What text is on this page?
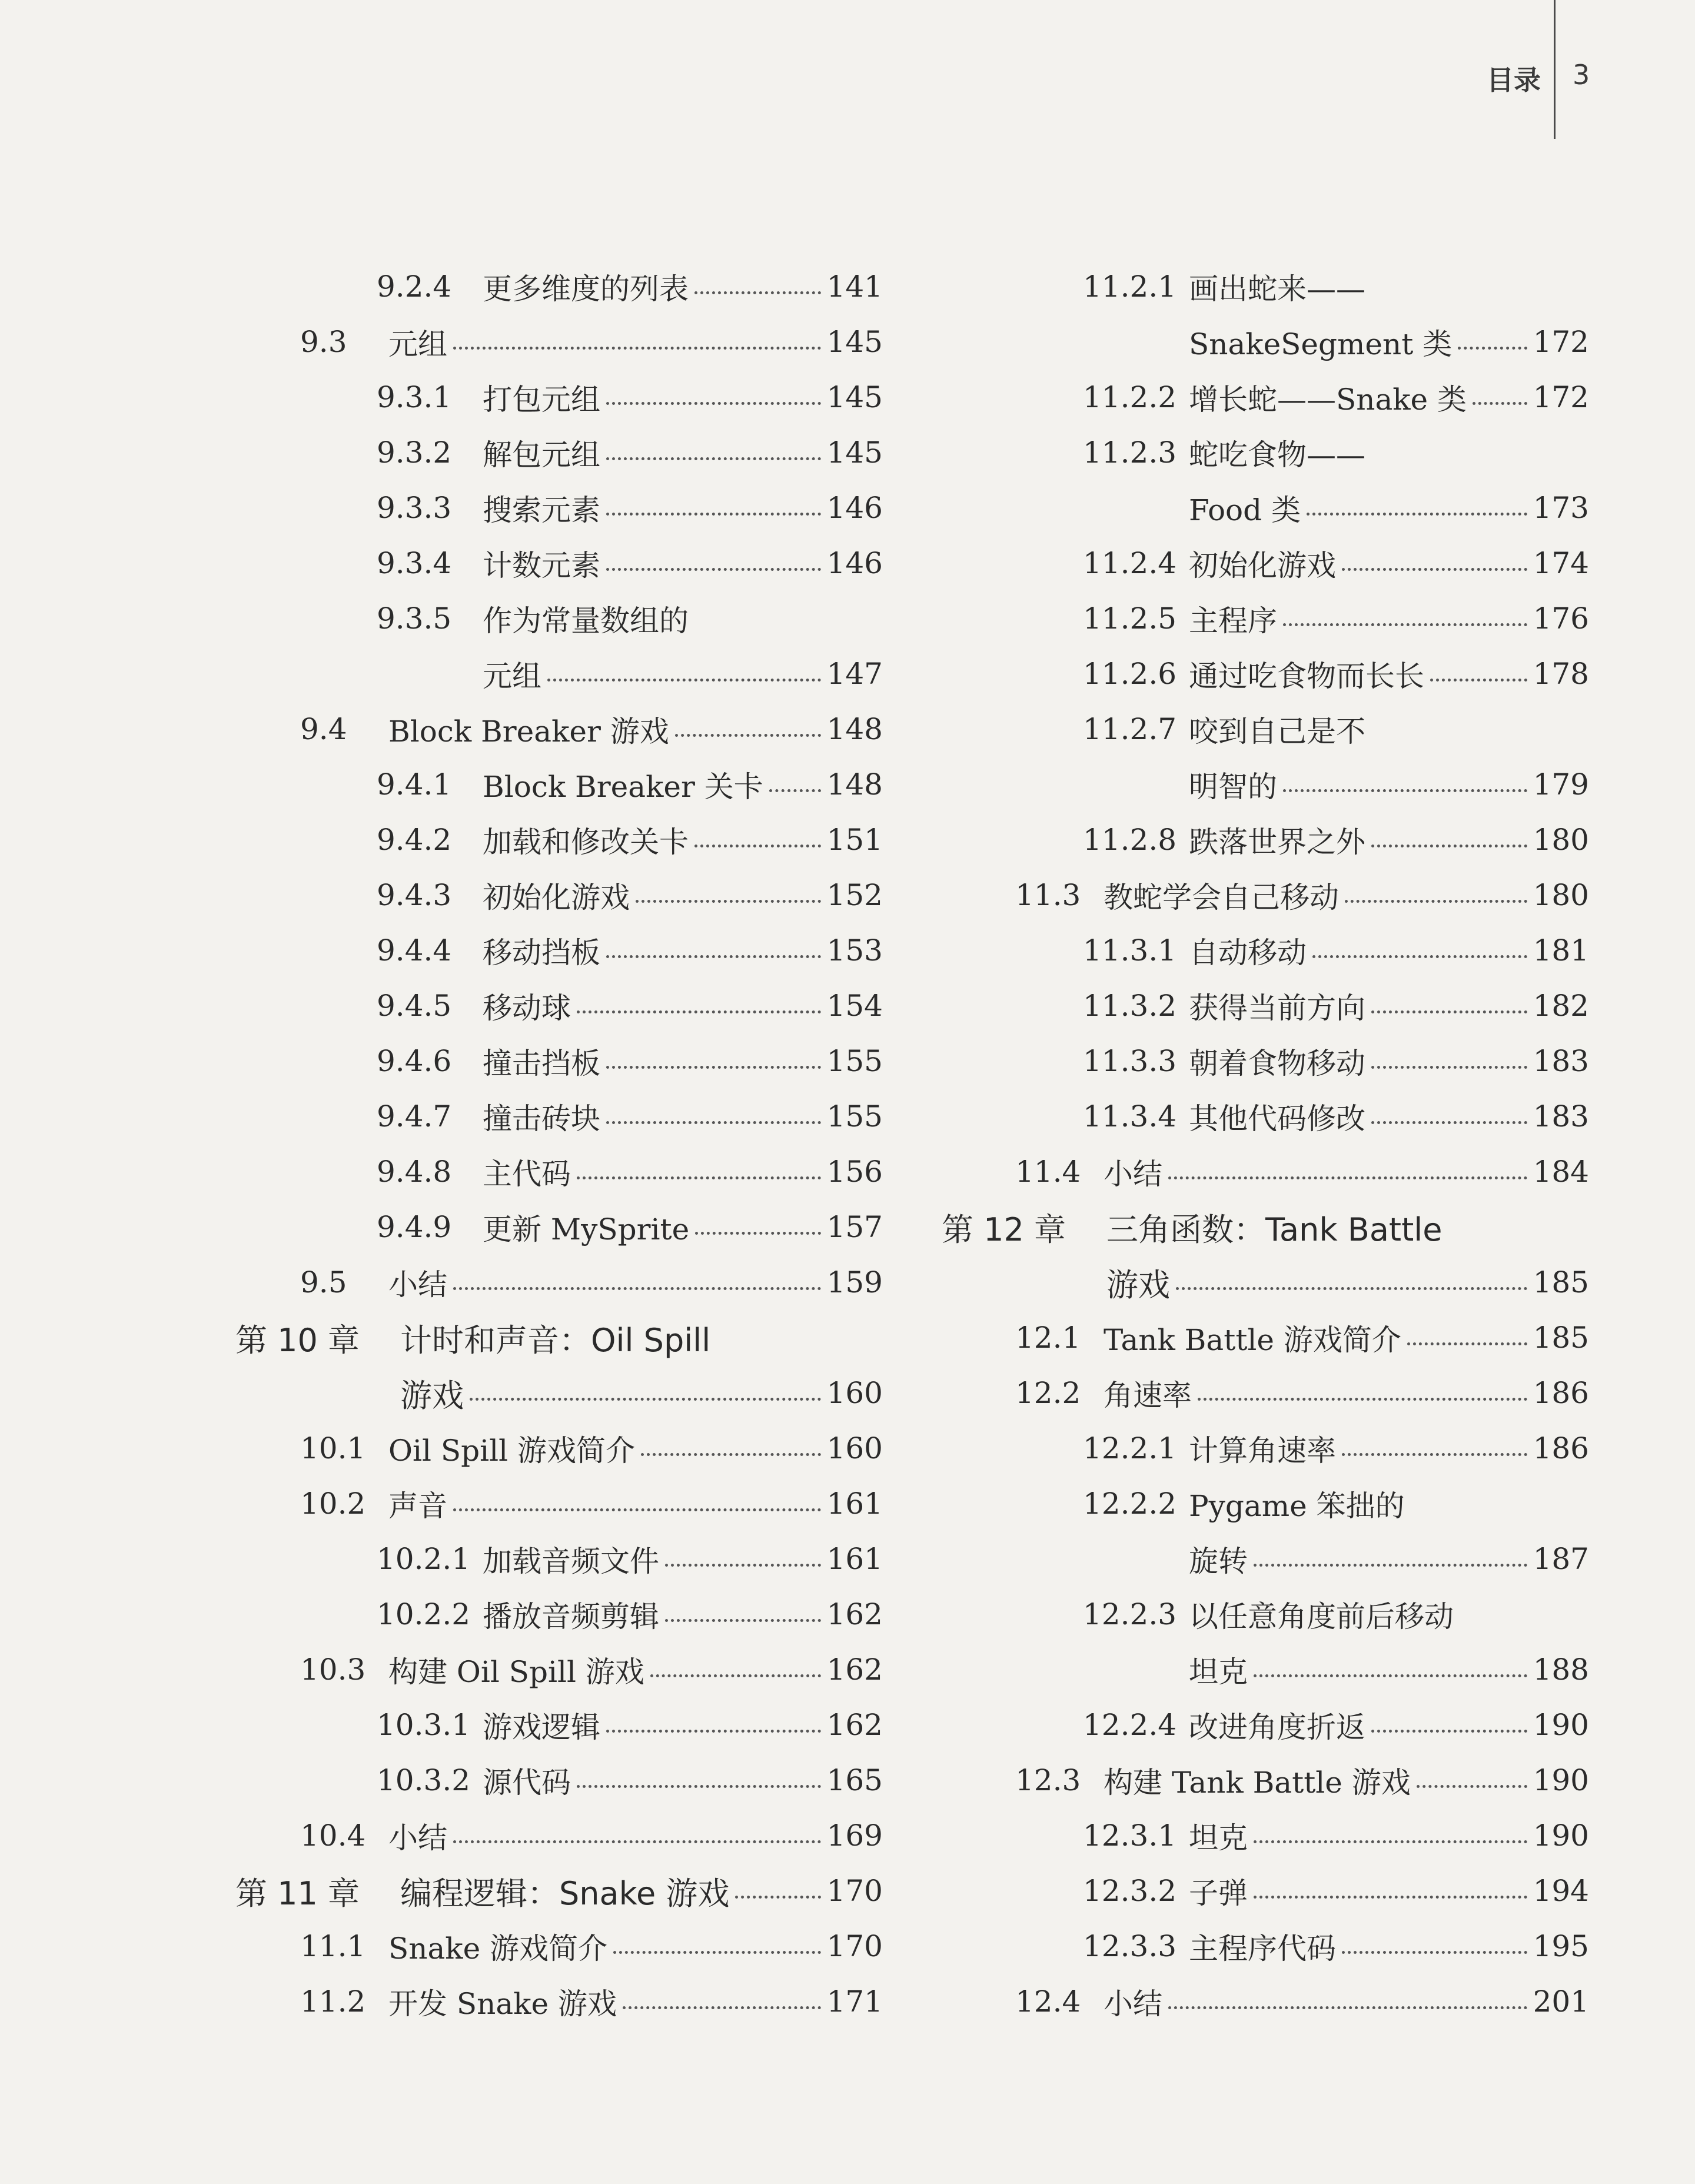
目录 3
9.2.4	更多维度的列表	141
9.3	元组	145
9.3.1	打包元组	145
9.3.2	解包元组	145
9.3.3	搜索元素	146
9.3.4	计数元素	146
9.3.5	作为常量数组的
元组	147
9.4	Block Breaker 游戏	148
9.4.1	Block Breaker 关卡 148
9.4.2	加载和修改关卡	151
9.4.3	初始化游戏	152
9.4.4	移动挡板	153
9.4.5	移动球	154
9.4.6	撞击挡板	155
9.4.7	撞击砖块	155
9.4.8	主代码	156
9.4.9	更新 MySprite	157
9.5	小结	159
第 10 章	计时和声音：Oil Spill
游戏	160
10.1 Oil Spill 游戏简介	160
10.2 声音	161
10.2.1 加载音频文件	161
10.2.2 播放音频剪辑	162
10.3 构建 Oil Spill 游戏	162
10.3.1 游戏逻辑	162
10.3.2 源代码	165
10.4 小结	169
第 11 章	编程逻辑：Snake 游戏	170
11.1 Snake 游戏简介	170
11.2 开发 Snake 游戏	171
11.2.1 画出蛇来——
SnakeSegment 类	172
11.2.2 增长蛇——Snake 类 172
11.2.3 蛇吃食物——
Food 类	173
11.2.4 初始化游戏	174
11.2.5 主程序	176
11.2.6 通过吃食物而长长	178
11.2.7 咬到自己是不
明智的	179
11.2.8 跌落世界之外	180
11.3 教蛇学会自己移动	180
11.3.1 自动移动	181
11.3.2 获得当前方向	182
11.3.3 朝着食物移动	183
11.3.4 其他代码修改	183
11.4 小结	184
第 12 章	三角函数：Tank Battle
游戏	185
12.1 Tank Battle 游戏简介	185
12.2 角速率	186
12.2.1 计算角速率	186
12.2.2 Pygame 笨拙的
旋转	187
12.2.3 以任意角度前后移动
坦克	188
12.2.4 改进角度折返	190
12.3 构建 Tank Battle 游戏	190
12.3.1 坦克	190
12.3.2 子弹	194
12.3.3 主程序代码	195
12.4 小结	201
